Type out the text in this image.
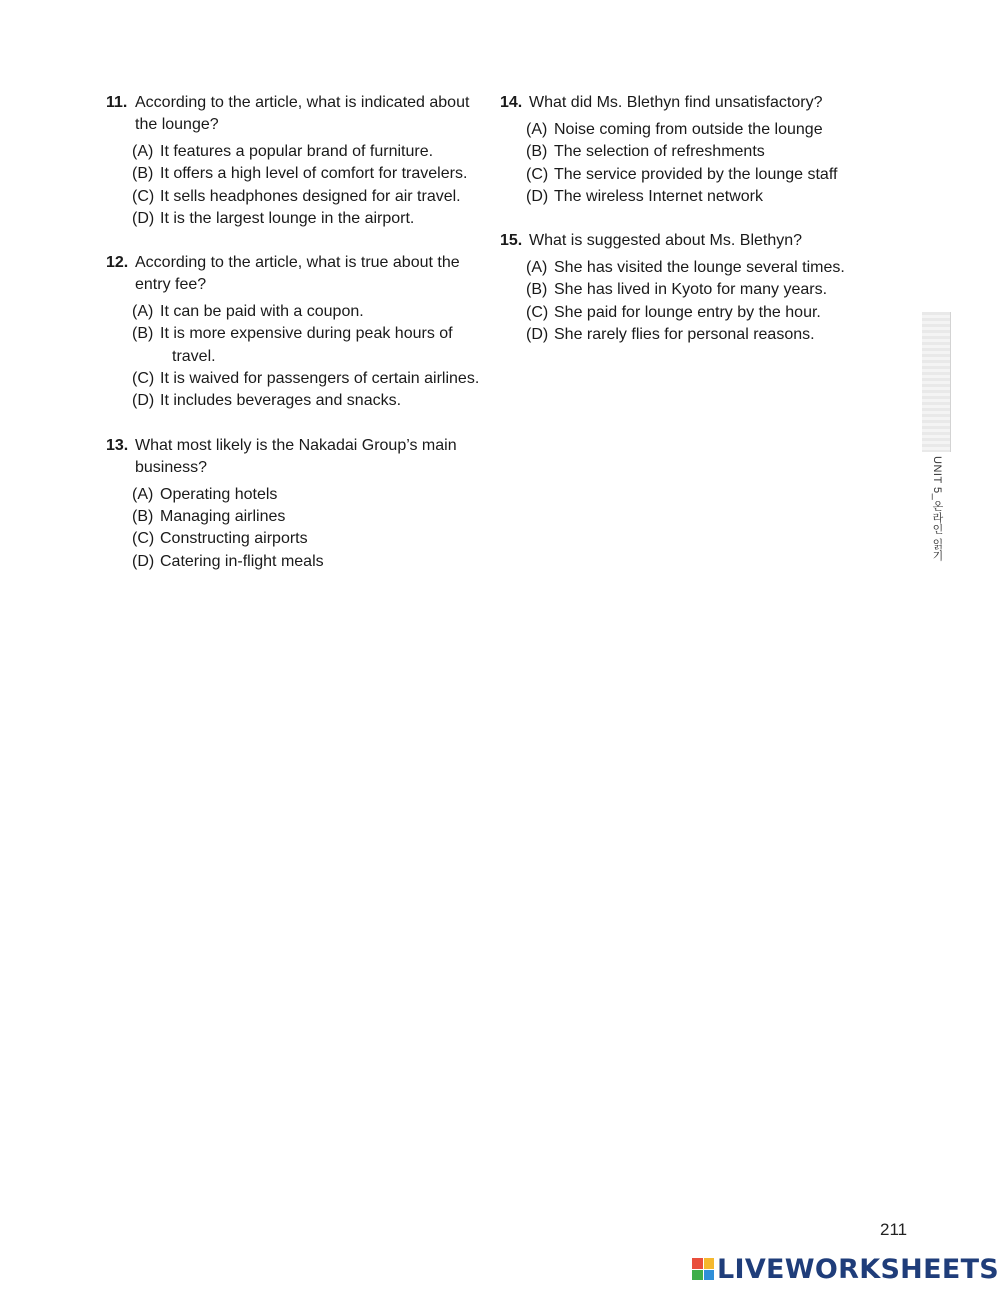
11. According to the article, what is indicated about the lounge?
(A) It features a popular brand of furniture.
(B) It offers a high level of comfort for travelers.
(C) It sells headphones designed for air travel.
(D) It is the largest lounge in the airport.
12. According to the article, what is true about the entry fee?
(A) It can be paid with a coupon.
(B) It is more expensive during peak hours of travel.
(C) It is waived for passengers of certain airlines.
(D) It includes beverages and snacks.
13. What most likely is the Nakadai Group’s main business?
(A) Operating hotels
(B) Managing airlines
(C) Constructing airports
(D) Catering in-flight meals
14. What did Ms. Blethyn find unsatisfactory?
(A) Noise coming from outside the lounge
(B) The selection of refreshments
(C) The service provided by the lounge staff
(D) The wireless Internet network
15. What is suggested about Ms. Blethyn?
(A) She has visited the lounge several times.
(B) She has lived in Kyoto for many years.
(C) She paid for lounge entry by the hour.
(D) She rarely flies for personal reasons.
UNIT 5_온라인 읽기
211
LIVEWORKSHEETS
